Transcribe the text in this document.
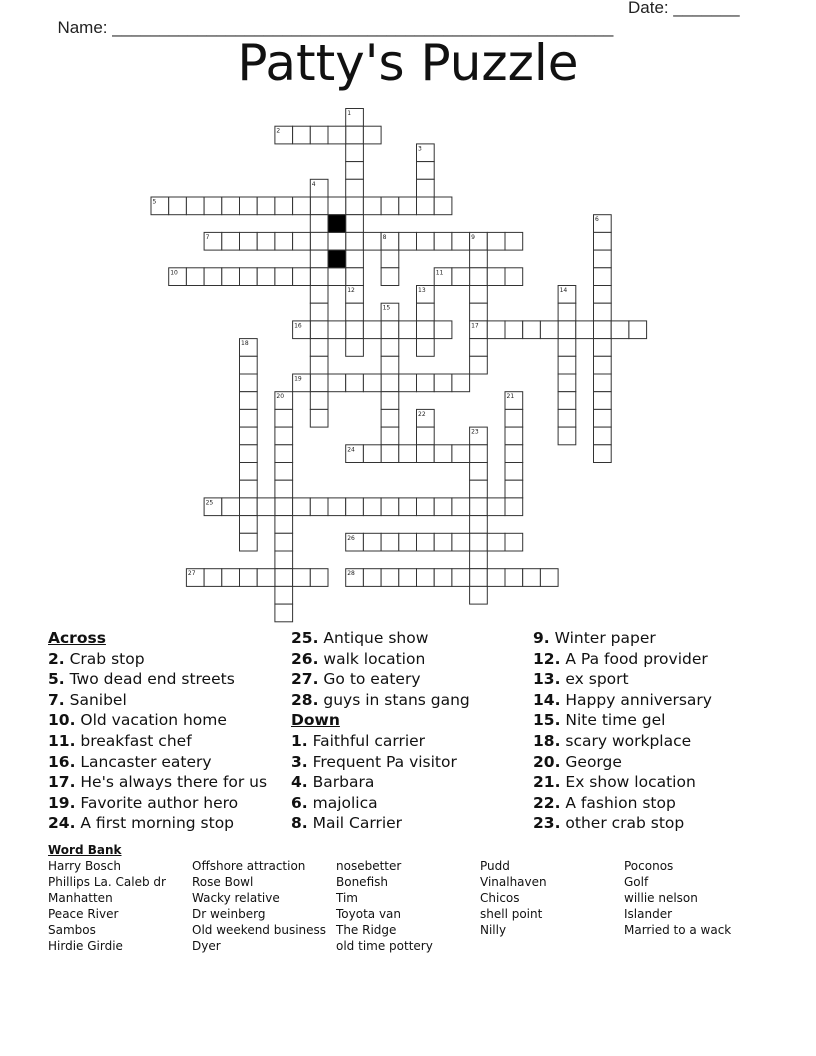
Name: _____________________________________________________

Date: _______

Patty's Puzzle
1
2
3
4
5
6
7	8	9
10	11
12	13	14
15
16	17
18
19
20	21
22
23
24
25
26
27	28
Across
2. Crab stop
5. Two dead end streets
7. Sanibel
10. Old vacation home
11. breakfast chef
16. Lancaster eatery
17. He's always there for us
19. Favorite author hero
24. A first morning stop
25. Antique show
26. walk location
27. Go to eatery
28. guys in stans gang
Down
1. Faithful carrier
3. Frequent Pa visitor
4. Barbara
6. majolica
8. Mail Carrier
9. Winter paper
12. A Pa food provider
13. ex sport
14. Happy anniversary
15. Nite time gel
18. scary workplace
20. George
21. Ex show location
22. A fashion stop
23. other crab stop
Word Bank
Harry Bosch
Phillips La. Caleb dr
Manhatten
Peace River
Sambos
Hirdie Girdie
Offshore attraction
Rose Bowl
Wacky relative
Dr weinberg
Old weekend business
Dyer
nosebetter
Bonefish
Tim
Toyota van
The Ridge
old time pottery
Pudd
Vinalhaven
Chicos
shell point
Nilly
Poconos
Golf
willie nelson
Islander
Married to a wack
